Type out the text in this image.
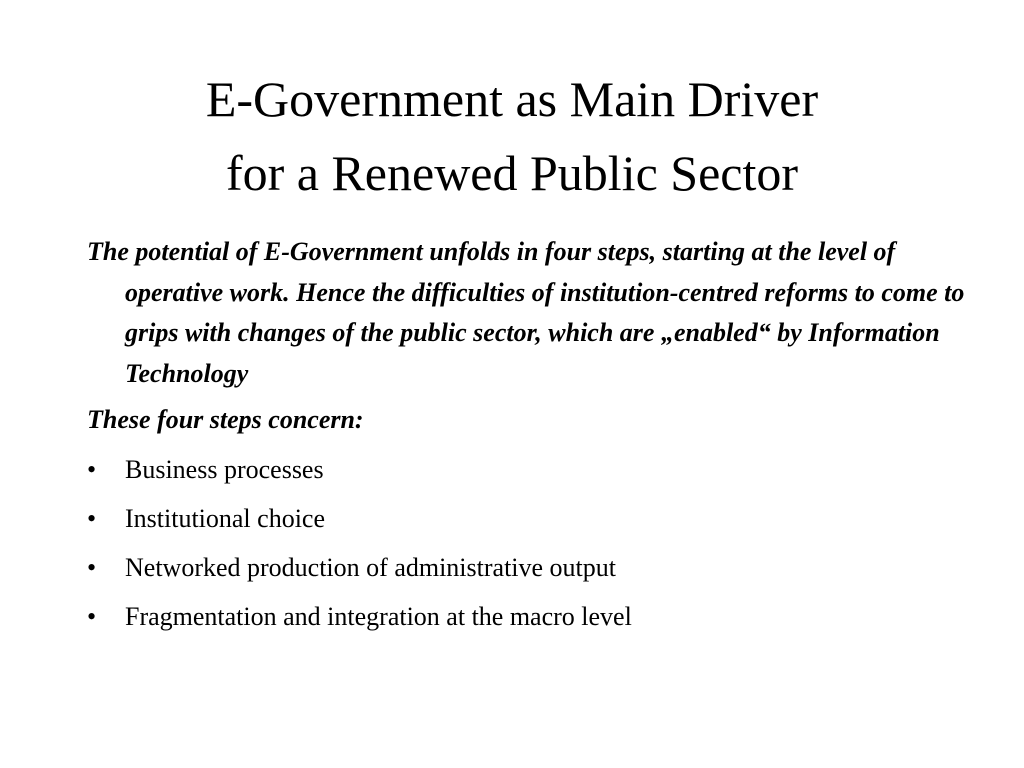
E-Government as Main Driver
for a Renewed Public Sector

The potential of E-Government unfolds in four steps, starting at the level of operative work. Hence the difficulties of institution-centred reforms to come to grips with changes of the public sector, which are „enabled“ by Information Technology

These four steps concern:

• Business processes
• Institutional choice
• Networked production of administrative output
• Fragmentation and integration at the macro level
